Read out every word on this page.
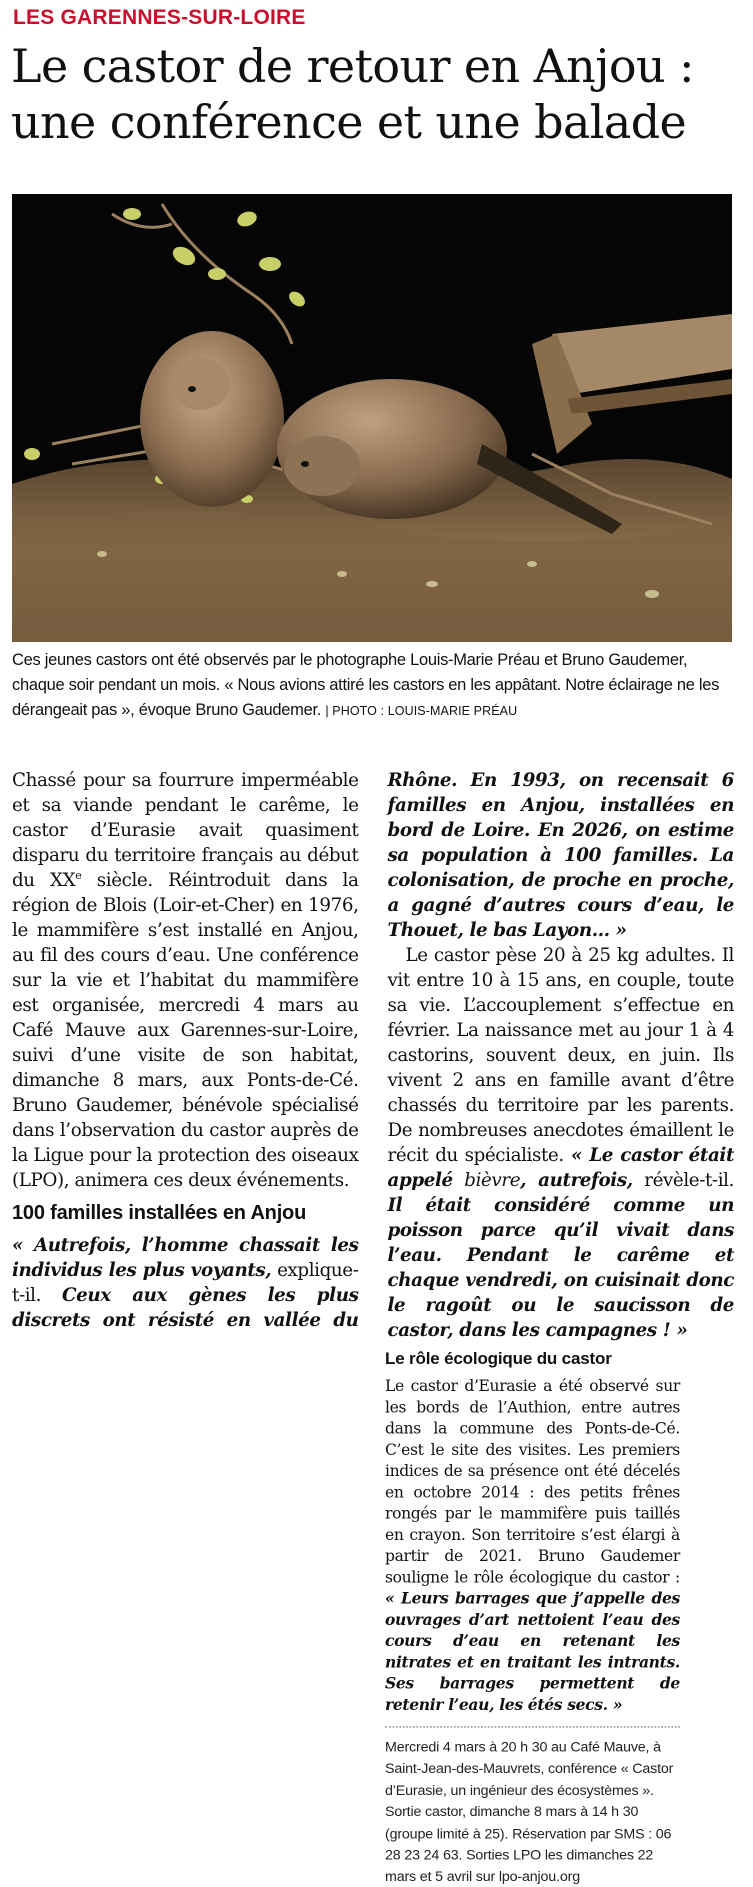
LES GARENNES-SUR-LOIRE
Le castor de retour en Anjou : une conférence et une balade
Ces jeunes castors ont été observés par le photographe Louis-Marie Préau et Bruno Gaudemer, chaque soir pendant un mois. « Nous avions attiré les castors en les appâtant. Notre éclairage ne les dérangeait pas », évoque Bruno Gaudemer. | PHOTO : LOUIS-MARIE PRÉAU

Chassé pour sa fourrure imperméable et sa viande pendant le carême, le castor d’Eurasie avait quasiment disparu du territoire français au début du XXe siècle. Réintroduit dans la région de Blois (Loir-et-Cher) en 1976, le mammifère s’est installé en Anjou, au fil des cours d’eau. Une conférence sur la vie et l’habitat du mammifère est organisée, mercredi 4 mars au Café Mauve aux Garennes-sur-Loire, suivi d’une visite de son habitat, dimanche 8 mars, aux Ponts-de-Cé. Bruno Gaudemer, bénévole spécialisé dans l’observation du castor auprès de la Ligue pour la protection des oiseaux (LPO), animera ces deux événements.

100 familles installées en Anjou

« Autrefois, l’homme chassait les individus les plus voyants, explique-t-il. Ceux aux gènes les plus discrets ont résisté en vallée du Rhône. En 1993, on recensait 6 familles en Anjou, installées en bord de Loire. En 2026, on estime sa population à 100 familles. La colonisation, de proche en proche, a gagné d’autres cours d’eau, le Thouet, le bas Layon… »

Le castor pèse 20 à 25 kg adultes. Il vit entre 10 à 15 ans, en couple, toute sa vie. L’accouplement s’effectue en février. La naissance met au jour 1 à 4 castorins, souvent deux, en juin. Ils vivent 2 ans en famille avant d’être chassés du territoire par les parents. De nombreuses anecdotes émaillent le récit du spécialiste. « Le castor était appelé bièvre, autrefois, révèle-t-il. Il était considéré comme un poisson parce qu’il vivait dans l’eau. Pendant le carême et chaque vendredi, on cuisinait donc le ragoût ou le saucisson de castor, dans les campagnes ! »

Le rôle écologique du castor

Le castor d’Eurasie a été observé sur les bords de l’Authion, entre autres dans la commune des Ponts-de-Cé. C’est le site des visites. Les premiers indices de sa présence ont été décelés en octobre 2014 : des petits frênes rongés par le mammifère puis taillés en crayon. Son territoire s’est élargi à partir de 2021. Bruno Gaudemer souligne le rôle écologique du castor : « Leurs barrages que j’appelle des ouvrages d’art nettoient l’eau des cours d’eau en retenant les nitrates et en traitant les intrants. Ses barrages permettent de retenir l’eau, les étés secs. »

Mercredi 4 mars à 20 h 30 au Café Mauve, à Saint-Jean-des-Mauvrets, conférence « Castor d’Eurasie, un ingénieur des écosystèmes ». Sortie castor, dimanche 8 mars à 14 h 30 (groupe limité à 25). Réservation par SMS : 06 28 23 24 63. Sorties LPO les dimanches 22 mars et 5 avril sur lpo-anjou.org
